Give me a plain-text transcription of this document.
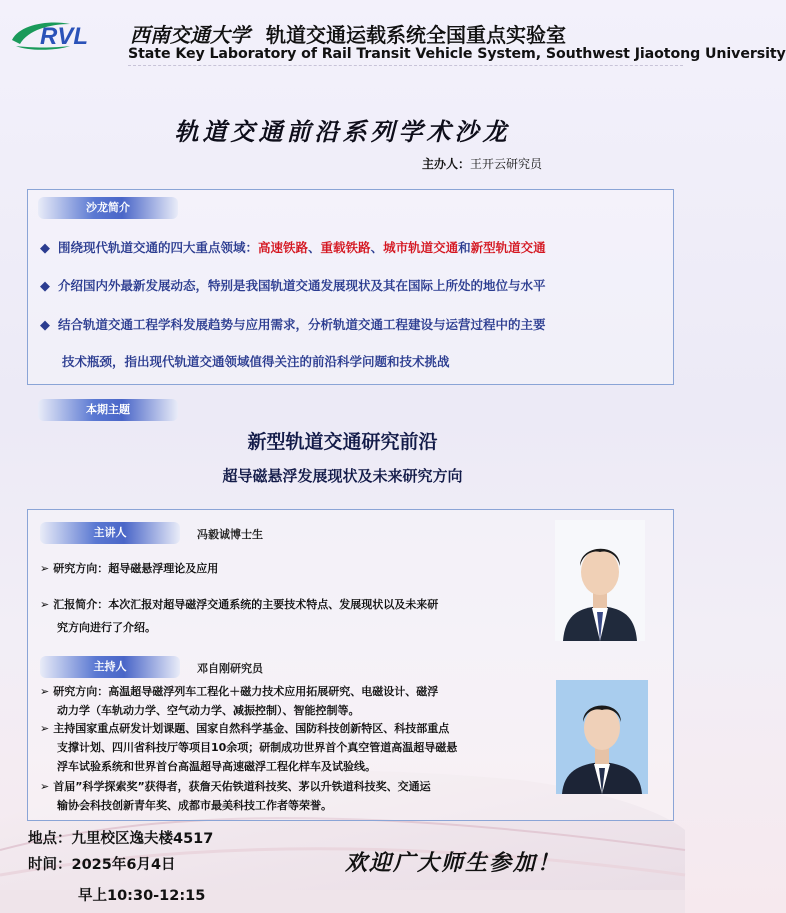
RVL 西南交通大学 轨道交通运载系统全国重点实验室
State Key Laboratory of Rail Transit Vehicle System, Southwest Jiaotong University
轨道交通前沿系列学术沙龙
主办人：王开云研究员
沙龙简介
◆ 围绕现代轨道交通的四大重点领域：高速铁路、重载铁路、城市轨道交通和新型轨道交通
◆ 介绍国内外最新发展动态，特别是我国轨道交通发展现状及其在国际上所处的地位与水平
◆ 结合轨道交通工程学科发展趋势与应用需求，分析轨道交通工程建设与运营过程中的主要
技术瓶颈，指出现代轨道交通领域值得关注的前沿科学问题和技术挑战
本期主题
新型轨道交通研究前沿
超导磁悬浮发展现状及未来研究方向
主讲人	冯毅诚博士生
➢ 研究方向：超导磁悬浮理论及应用
➢ 汇报简介：本次汇报对超导磁浮交通系统的主要技术特点、发展现状以及未来研
究方向进行了介绍。
主持人	邓自刚研究员
➢ 研究方向：高温超导磁浮列车工程化＋磁力技术应用拓展研究、电磁设计、磁浮
动力学（车轨动力学、空气动力学、减振控制）、智能控制等。
➢ 主持国家重点研发计划课题、国家自然科学基金、国防科技创新特区、科技部重点
支撑计划、四川省科技厅等项目10余项；研制成功世界首个真空管道高温超导磁悬
浮车试验系统和世界首台高温超导高速磁浮工程化样车及试验线。
➢ 首届”科学探索奖”获得者，获詹天佑铁道科技奖、茅以升铁道科技奖、交通运
输协会科技创新青年奖、成都市最美科技工作者等荣誉。
地点：九里校区逸夫楼4517
时间：2025年6月4日
早上10:30-12:15
欢迎广大师生参加！
